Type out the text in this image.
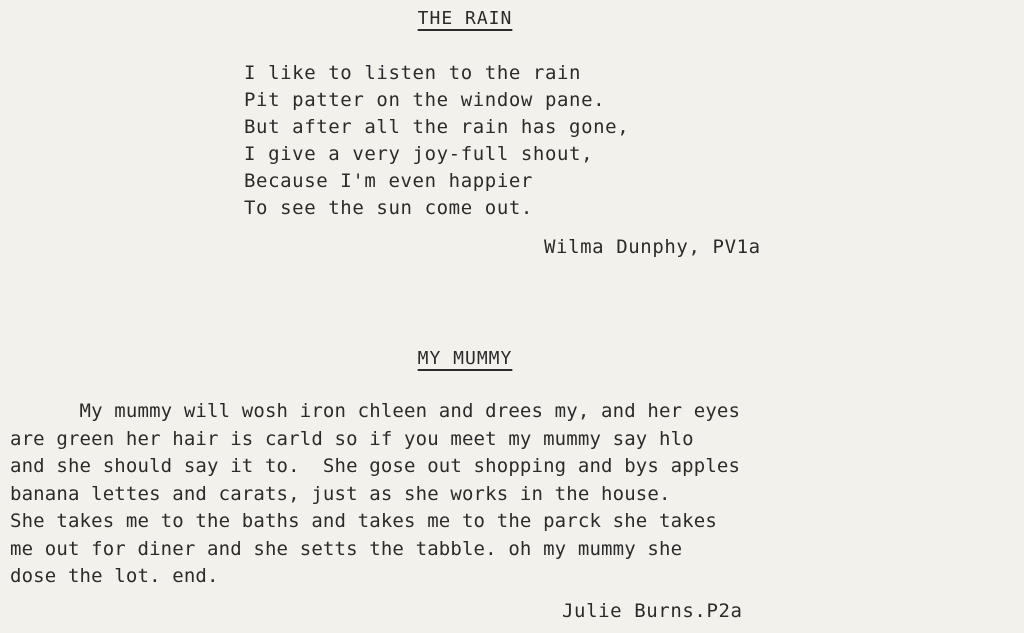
THE RAIN
I like to listen to the rain
Pit patter on the window pane.
But after all the rain has gone,
I give a very joy-full shout,
Because I'm even happier
To see the sun come out.
Wilma Dunphy, PV1a
MY MUMMY
My mummy will wosh iron chleen and drees my, and her eyes
are green her hair is carld so if you meet my mummy say hlo
and she should say it to.  She gose out shopping and bys apples
banana lettes and carats, just as she works in the house.
She takes me to the baths and takes me to the parck she takes
me out for diner and she setts the tabble. oh my mummy she
dose the lot. end.
Julie Burns.P2a
